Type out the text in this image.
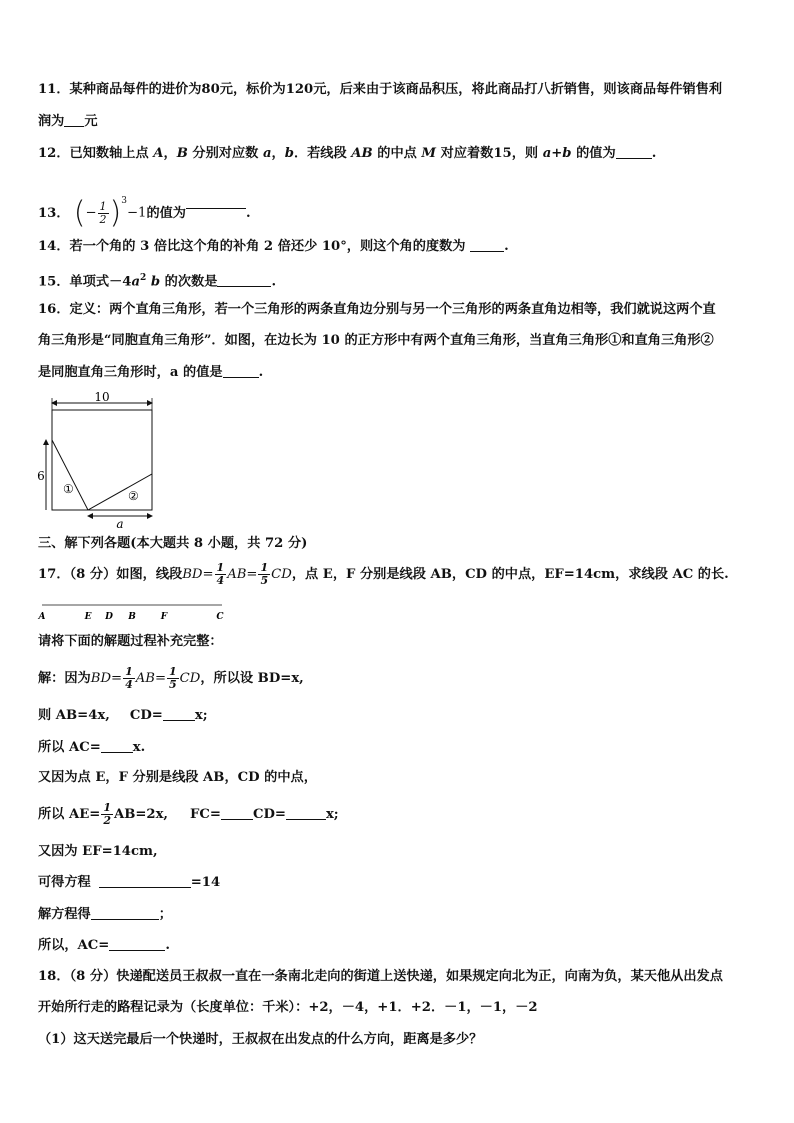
11．某种商品每件的进价为80元，标价为120元，后来由于该商品积压，将此商品打八折销售，则该商品每件销售利
润为 元
12．已知数轴上点 A，B 分别对应数 a，b．若线段 AB 的中点 M 对应着数15，则 a+b 的值为	.
13． (− $\frac{1}{2} )^3-1$的值为	.
14．若一个角的 3 倍比这个角的补角 2 倍还少 10°，则这个角的度数为	.
15．单项式$-4a^2$ b 的次数是	.
16．定义：两个直角三角形，若一个三角形的两条直角边分别与另一个三角形的两条直角边相等，我们就说这两个直
角三角形是“同胞直角三角形”．如图，在边长为 10 的正方形中有两个直角三角形，当直角三角形①和直角三角形②
是同胞直角三角形时，a 的值是	.
10
6
①	②
a
三、解下列各题(本大题共 8 小题，共 72 分)
17．（8 分）如图，线段$BD= \frac{1}{4} AB= \frac{1}{5}$ CD，点 E，F 分别是线段 AB，CD 的中点，EF=14cm，求线段 AC 的长.
A	E D B	F	C
请将下面的解题过程补充完整：
解：因为$BD= \frac{1}{4} AB= \frac{1}{5}$ CD，所以设 BD=x,
则 AB=4x, CD= x;
所以 AC= x.
又因为点 E，F 分别是线段 AB，CD 的中点，
所以 $AE= \frac{1}{2} AB=2x$, FC= CD=	x;
又因为 EF=14cm,
可得方程	=14
解方程得	；
所以，AC=	.
18．（8 分）快递配送员王叔叔一直在一条南北走向的街道上送快递，如果规定向北为正，向南为负，某天他从出发点
开始所行走的路程记录为（长度单位：千米）：+2，－4，+1．+2．－1，－1，－2
（1）这天送完最后一个快递时，王叔叔在出发点的什么方向，距离是多少？
